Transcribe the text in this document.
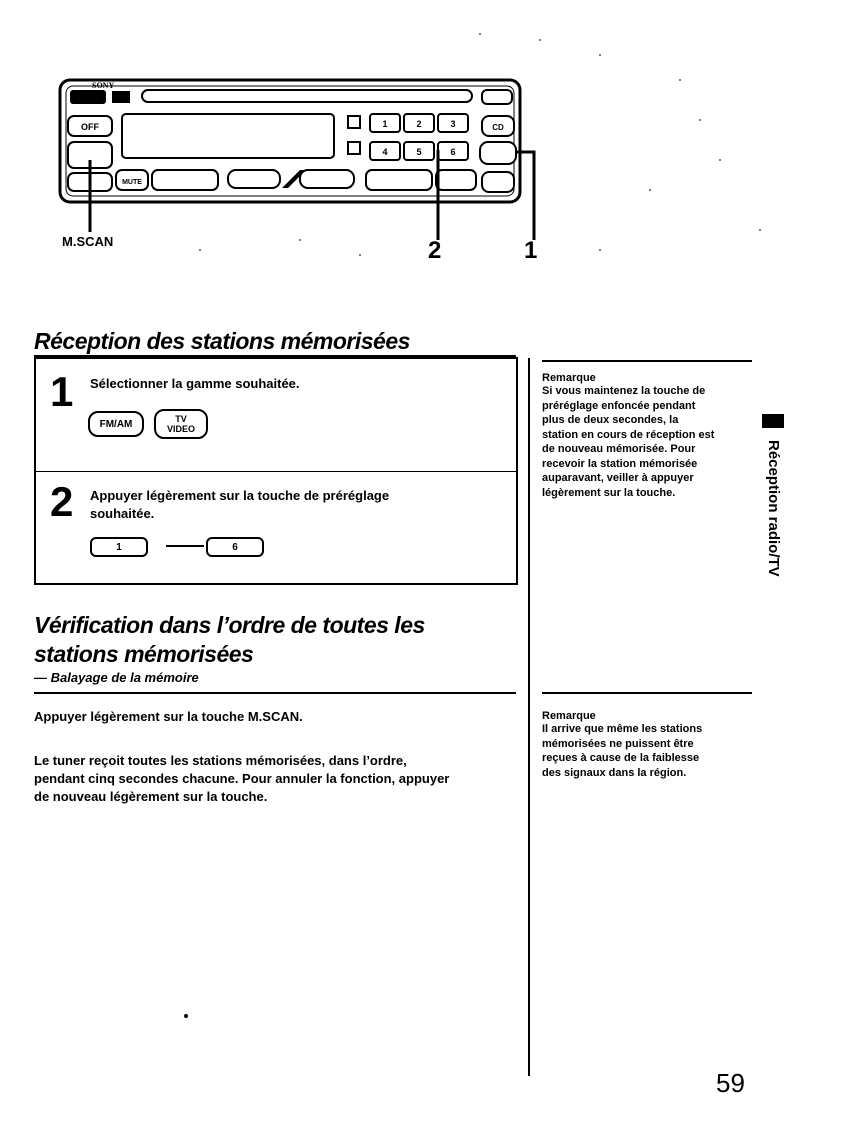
OFF
MUTE
1	2	3
4	5	6
CD
SONY
M.SCAN	2	1
Réception des stations mémorisées
1 Sélectionner la gamme souhaitée.
FM/AM	TV
VIDEO
2 Appuyer légèrement sur la touche de préréglage
souhaitée.
1	6

Remarque

Si vous maintenez la touche de

préréglage enfoncée pendant

plus de deux secondes, la

station en cours de réception est

de nouveau mémorisée. Pour

recevoir la station mémorisée

auparavant, veiller à appuyer

légèrement sur la touche.	Réception radio/TV
Vérification dans l’ordre de toutes les
stations mémorisées
— Balayage de la mémoire
Appuyer légèrement sur la touche M.SCAN.
Le tuner reçoit toutes les stations mémorisées, dans l’ordre,
pendant cinq secondes chacune. Pour annuler la fonction, appuyer
de nouveau légèrement sur la touche.

Remarque

Il arrive que même les stations

mémorisées ne puissent être

reçues à cause de la faiblesse

des signaux dans la région.

59
